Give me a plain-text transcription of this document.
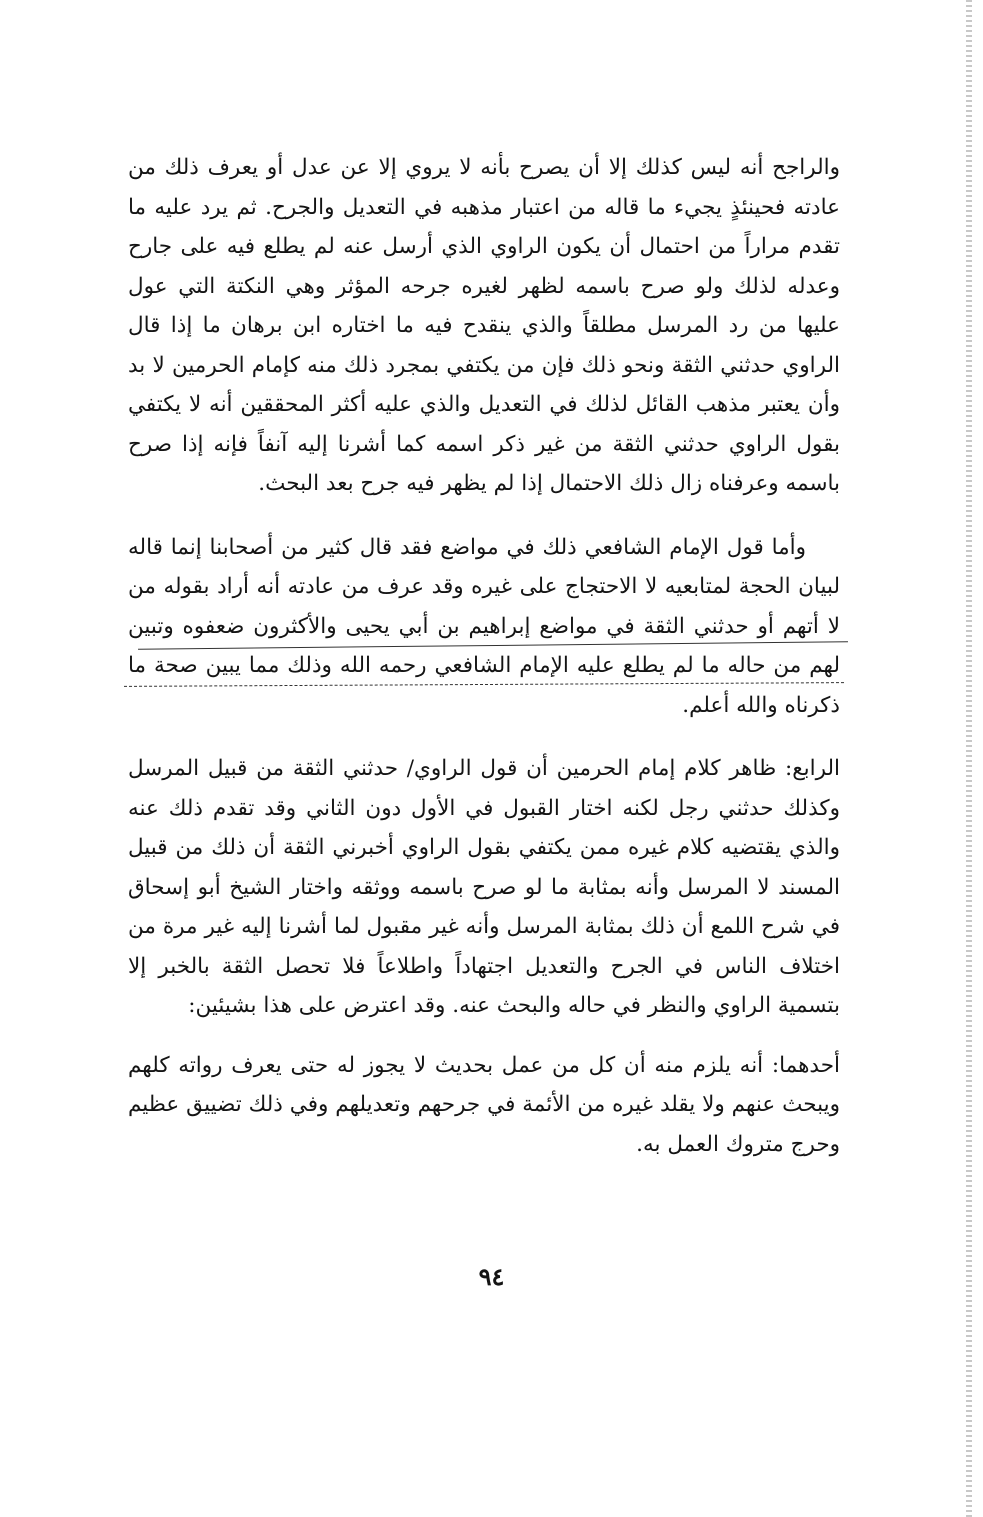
والراجح أنه ليس كذلك إلا أن يصرح بأنه لا يروي إلا عن عدل أو يعرف ذلك من عادته فحينئذٍ يجيء ما قاله من اعتبار مذهبه في التعديل والجرح. ثم يرد عليه ما تقدم مراراً من احتمال أن يكون الراوي الذي أرسل عنه لم يطلع فيه على جارح وعدله لذلك ولو صرح باسمه لظهر لغيره جرحه المؤثر وهي النكتة التي عول عليها من رد المرسل مطلقاً والذي ينقدح فيه ما اختاره ابن برهان ما إذا قال الراوي حدثني الثقة ونحو ذلك فإن من يكتفي بمجرد ذلك منه كإمام الحرمين لا بد وأن يعتبر مذهب القائل لذلك في التعديل والذي عليه أكثر المحققين أنه لا يكتفي بقول الراوي حدثني الثقة من غير ذكر اسمه كما أشرنا إليه آنفاً فإنه إذا صرح باسمه وعرفناه زال ذلك الاحتمال إذا لم يظهر فيه جرح بعد البحث.

وأما قول الإمام الشافعي ذلك في مواضع فقد قال كثير من أصحابنا إنما قاله لبيان الحجة لمتابعيه لا الاحتجاج على غيره وقد عرف من عادته أنه أراد بقوله من لا أتهم أو حدثني الثقة في مواضع إبراهيم بن أبي يحيى والأكثرون ضعفوه وتبين لهم من حاله ما لم يطلع عليه الإمام الشافعي رحمه الله وذلك مما يبين صحة ما ذكرناه والله أعلم.

الرابع: ظاهر كلام إمام الحرمين أن قول الراوي/ حدثني الثقة من قبيل المرسل وكذلك حدثني رجل لكنه اختار القبول في الأول دون الثاني وقد تقدم ذلك عنه والذي يقتضيه كلام غيره ممن يكتفي بقول الراوي أخبرني الثقة أن ذلك من قبيل المسند لا المرسل وأنه بمثابة ما لو صرح باسمه ووثقه واختار الشيخ أبو إسحاق في شرح اللمع أن ذلك بمثابة المرسل وأنه غير مقبول لما أشرنا إليه غير مرة من اختلاف الناس في الجرح والتعديل اجتهاداً واطلاعاً فلا تحصل الثقة بالخبر إلا بتسمية الراوي والنظر في حاله والبحث عنه. وقد اعترض على هذا بشيئين:

أحدهما: أنه يلزم منه أن كل من عمل بحديث لا يجوز له حتى يعرف رواته كلهم ويبحث عنهم ولا يقلد غيره من الأئمة في جرحهم وتعديلهم وفي ذلك تضييق عظيم وحرج متروك العمل به.

٩٤
